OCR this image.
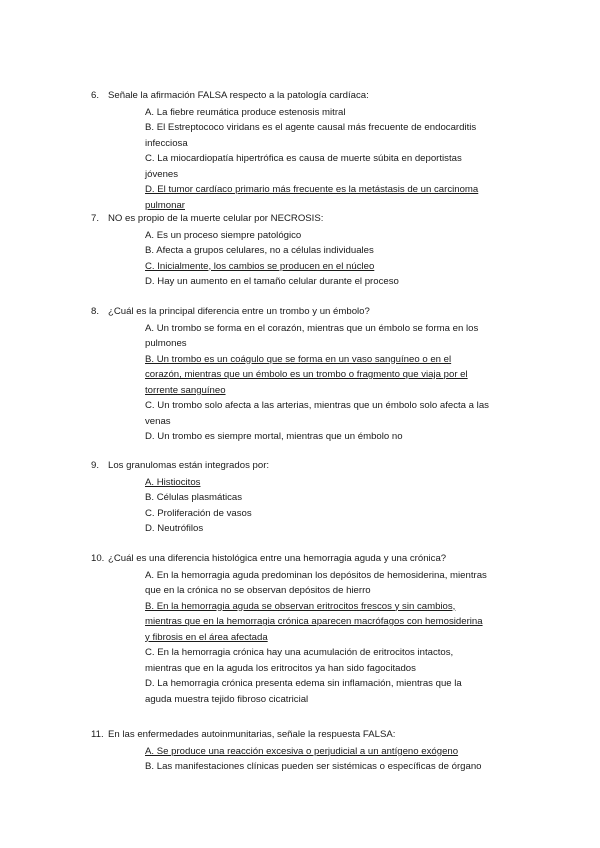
6. Señale la afirmación FALSA respecto a la patología cardíaca:
A. La fiebre reumática produce estenosis mitral
B. El Estreptococo viridans es el agente causal más frecuente de endocarditis infecciosa
C. La miocardiopatía hipertrófica es causa de muerte súbita en deportistas jóvenes
D. El tumor cardíaco primario más frecuente es la metástasis de un carcinoma pulmonar
7. NO es propio de la muerte celular por NECROSIS:
A. Es un proceso siempre patológico
B. Afecta a grupos celulares, no a células individuales
C. Inicialmente, los cambios se producen en el núcleo
D. Hay un aumento en el tamaño celular durante el proceso
8. ¿Cuál es la principal diferencia entre un trombo y un émbolo?
A. Un trombo se forma en el corazón, mientras que un émbolo se forma en los pulmones
B. Un trombo es un coágulo que se forma en un vaso sanguíneo o en el corazón, mientras que un émbolo es un trombo o fragmento que viaja por el torrente sanguíneo
C. Un trombo solo afecta a las arterias, mientras que un émbolo solo afecta a las venas
D. Un trombo es siempre mortal, mientras que un émbolo no
9. Los granulomas están integrados por:
A. Histiocitos
B. Células plasmáticas
C. Proliferación de vasos
D. Neutrófilos
10. ¿Cuál es una diferencia histológica entre una hemorragia aguda y una crónica?
A. En la hemorragia aguda predominan los depósitos de hemosiderina, mientras que en la crónica no se observan depósitos de hierro
B. En la hemorragia aguda se observan eritrocitos frescos y sin cambios, mientras que en la hemorragia crónica aparecen macrófagos con hemosiderina y fibrosis en el área afectada
C. En la hemorragia crónica hay una acumulación de eritrocitos intactos, mientras que en la aguda los eritrocitos ya han sido fagocitados
D. La hemorragia crónica presenta edema sin inflamación, mientras que la aguda muestra tejido fibroso cicatricial
11. En las enfermedades autoinmunitarias, señale la respuesta FALSA:
A. Se produce una reacción excesiva o perjudicial a un antígeno exógeno
B. Las manifestaciones clínicas pueden ser sistémicas o específicas de órgano
